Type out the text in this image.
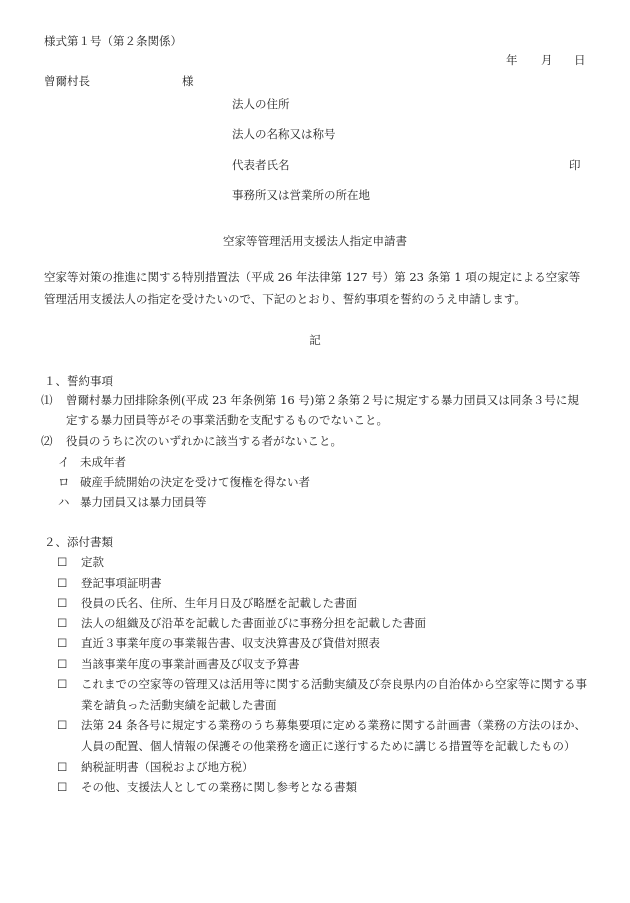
様式第１号（第２条関係）
年 月 日
曾爾村長	様
法人の住所
法人の名称又は称号
代表者氏名	印
事務所又は営業所の所在地
空家等管理活用支援法人指定申請書
空家等対策の推進に関する特別措置法（平成 26 年法律第 127 号）第 23 条第 1 項の規定による空家等管理活用支援法人の指定を受けたいので、下記のとおり、誓約事項を誓約のうえ申請します。
記
１、誓約事項
⑴ 曾爾村暴力団排除条例(平成 23 年条例第 16 号)第２条第２号に規定する暴力団員又は同条３号に規定する暴力団員等がその事業活動を支配するものでないこと。
⑵ 役員のうちに次のいずれかに該当する者がないこと。
イ 未成年者
ロ 破産手続開始の決定を受けて復権を得ない者
ハ 暴力団員又は暴力団員等
２、添付書類
☐ 定款
☐ 登記事項証明書
☐ 役員の氏名、住所、生年月日及び略歴を記載した書面
☐ 法人の組織及び沿革を記載した書面並びに事務分担を記載した書面
☐ 直近３事業年度の事業報告書、収支決算書及び貸借対照表
☐ 当該事業年度の事業計画書及び収支予算書
☐ これまでの空家等の管理又は活用等に関する活動実績及び奈良県内の自治体から空家等に関する事業を請負った活動実績を記載した書面
☐ 法第 24 条各号に規定する業務のうち募集要項に定める業務に関する計画書（業務の方法のほか、人員の配置、個人情報の保護その他業務を適正に遂行するために講じる措置等を記載したもの）
☐ 納税証明書（国税および地方税）
☐ その他、支援法人としての業務に関し参考となる書類
